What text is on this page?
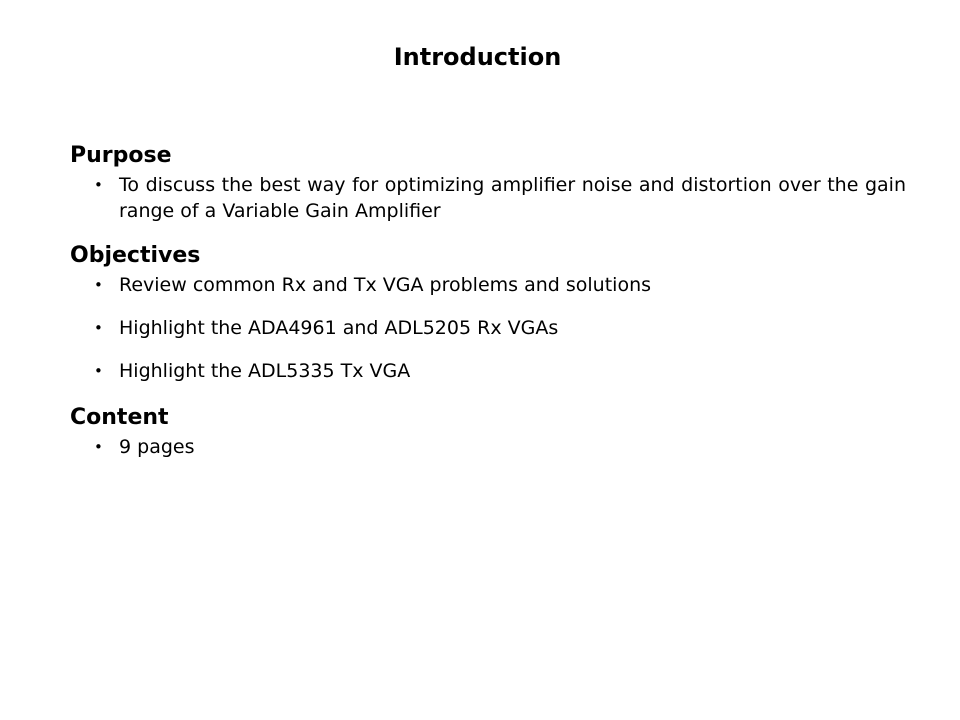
Introduction
Purpose
• To discuss the best way for optimizing amplifier noise and distortion over the gain range of a Variable Gain Amplifier
Objectives
• Review common Rx and Tx VGA problems and solutions
• Highlight the ADA4961 and ADL5205 Rx VGAs
• Highlight the ADL5335 Tx VGA
Content
• 9 pages
